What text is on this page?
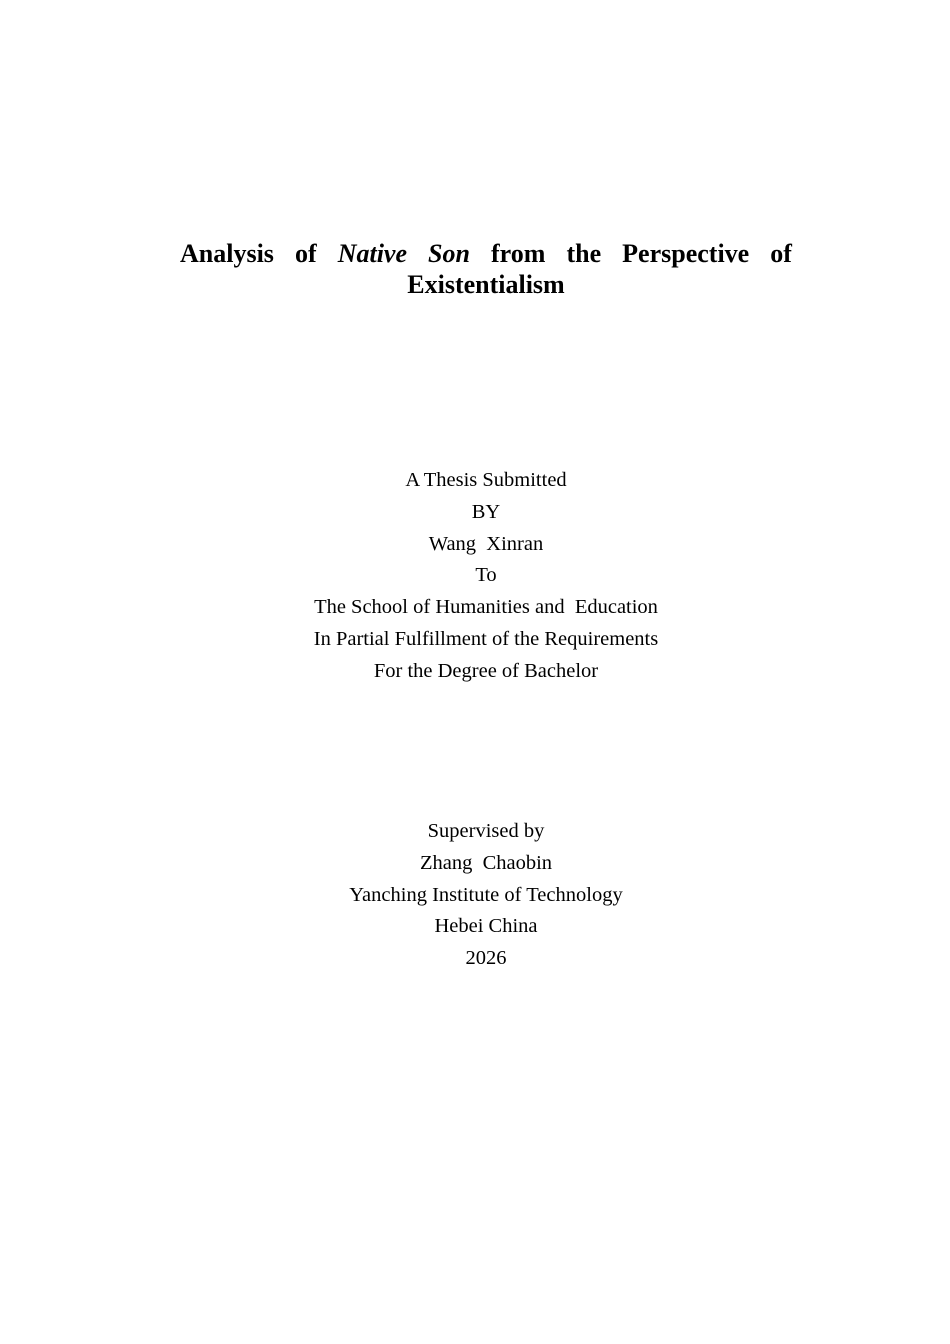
Analysis of Native Son from the Perspective of
Existentialism
A Thesis Submitted
BY
Wang  Xinran
To
The School of Humanities and  Education
In Partial Fulfillment of the Requirements
For the Degree of Bachelor
Supervised by
Zhang  Chaobin
Yanching Institute of Technology
Hebei China
2026
